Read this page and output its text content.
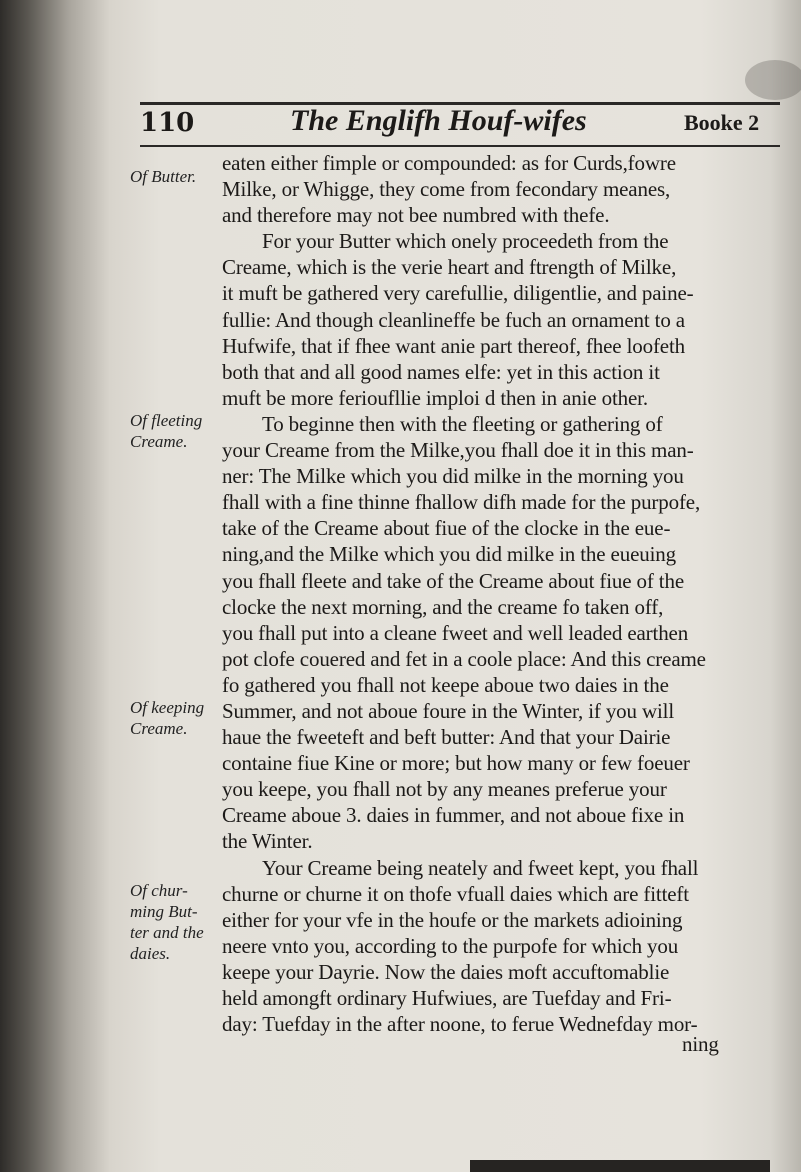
110	The Englifh Houf-wifes	Booke 2
Of Butter.
Of fleeting
Creame.
Of keeping
Creame.
Of chur-
ming But-
ter and the
daies.
eaten either fimple or compounded: as for Curds,fowre
Milke, or Whigge, they come from fecondary meanes,
and therefore may not bee numbred with thefe.
For your Butter which onely proceedeth from the
Creame, which is the verie heart and ftrength of Milke,
it muft be gathered very carefullie, diligentlie, and paine-
fullie: And though cleanlineffe be fuch an ornament to a
Hufwife, that if fhee want anie part thereof, fhee loofeth
both that and all good names elfe: yet in this action it
muft be more ferioufllie imploi d then in anie other.
To beginne then with the fleeting or gathering of
your Creame from the Milke,you fhall doe it in this man-
ner: The Milke which you did milke in the morning you
fhall with a fine thinne fhallow difh made for the purpofe,
take of the Creame about fiue of the clocke in the eue-
ning,and the Milke which you did milke in the eueuing
you fhall fleete and take of the Creame about fiue of the
clocke the next morning, and the creame fo taken off,
you fhall put into a cleane fweet and well leaded earthen
pot clofe couered and fet in a coole place: And this creame
fo gathered you fhall not keepe aboue two daies in the
Summer, and not aboue foure in the Winter, if you will
haue the fweeteft and beft butter: And that your Dairie
containe fiue Kine or more; but how many or few foeuer
you keepe, you fhall not by any meanes preferue your
Creame aboue 3. daies in fummer, and not aboue fixe in
the Winter.
Your Creame being neately and fweet kept, you fhall
churne or churne it on thofe vfuall daies which are fitteft
either for your vfe in the houfe or the markets adioining
neere vnto you, according to the purpofe for which you
keepe your Dayrie. Now the daies moft accuftomablie
held amongft ordinary Hufwiues, are Tuefday and Fri-
day: Tuefday in the after noone, to ferue Wednefday mor-
ning
